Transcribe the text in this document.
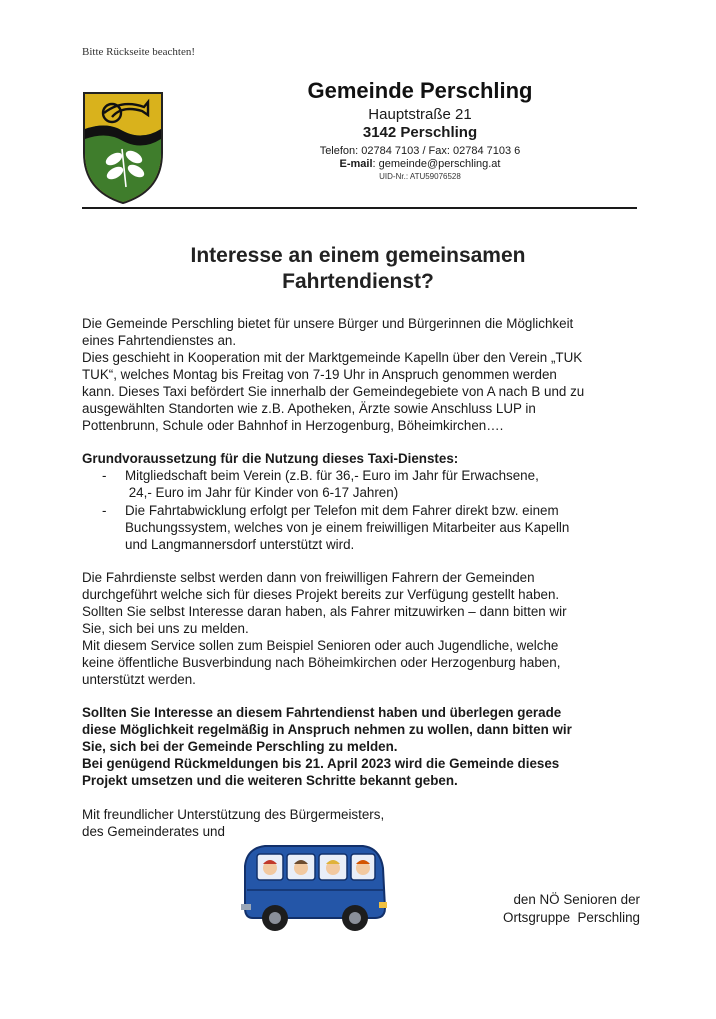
Bitte Rückseite beachten!
Gemeinde Perschling
Hauptstraße 21
3142 Perschling
Telefon: 02784 7103 / Fax: 02784 7103 6
E-mail: gemeinde@perschling.at
UID-Nr.: ATU59076528
Interesse an einem gemeinsamen
Fahrtendienst?
Die Gemeinde Perschling bietet für unsere Bürger und Bürgerinnen die Möglichkeit
eines Fahrtendienstes an.
Dies geschieht in Kooperation mit der Marktgemeinde Kapelln über den Verein „TUK
TUK“, welches Montag bis Freitag von 7-19 Uhr in Anspruch genommen werden
kann. Dieses Taxi befördert Sie innerhalb der Gemeindegebiete von A nach B und zu
ausgewählten Standorten wie z.B. Apotheken, Ärzte sowie Anschluss LUP in
Pottenbrunn, Schule oder Bahnhof in Herzogenburg, Böheimkirchen….
Grundvoraussetzung für die Nutzung dieses Taxi-Dienstes:
- Mitgliedschaft beim Verein (z.B. für 36,- Euro im Jahr für Erwachsene,
24,- Euro im Jahr für Kinder von 6-17 Jahren)
- Die Fahrtabwicklung erfolgt per Telefon mit dem Fahrer direkt bzw. einem
Buchungssystem, welches von je einem freiwilligen Mitarbeiter aus Kapelln
und Langmannersdorf unterstützt wird.
Die Fahrdienste selbst werden dann von freiwilligen Fahrern der Gemeinden
durchgeführt welche sich für dieses Projekt bereits zur Verfügung gestellt haben.
Sollten Sie selbst Interesse daran haben, als Fahrer mitzuwirken – dann bitten wir
Sie, sich bei uns zu melden.
Mit diesem Service sollen zum Beispiel Senioren oder auch Jugendliche, welche
keine öffentliche Busverbindung nach Böheimkirchen oder Herzogenburg haben,
unterstützt werden.
Sollten Sie Interesse an diesem Fahrtendienst haben und überlegen gerade
diese Möglichkeit regelmäßig in Anspruch nehmen zu wollen, dann bitten wir
Sie, sich bei der Gemeinde Perschling zu melden.
Bei genügend Rückmeldungen bis 21. April 2023 wird die Gemeinde dieses
Projekt umsetzen und die weiteren Schritte bekannt geben.
Mit freundlicher Unterstützung des Bürgermeisters,
des Gemeinderates und
den NÖ Senioren der
Ortsgruppe  Perschling
